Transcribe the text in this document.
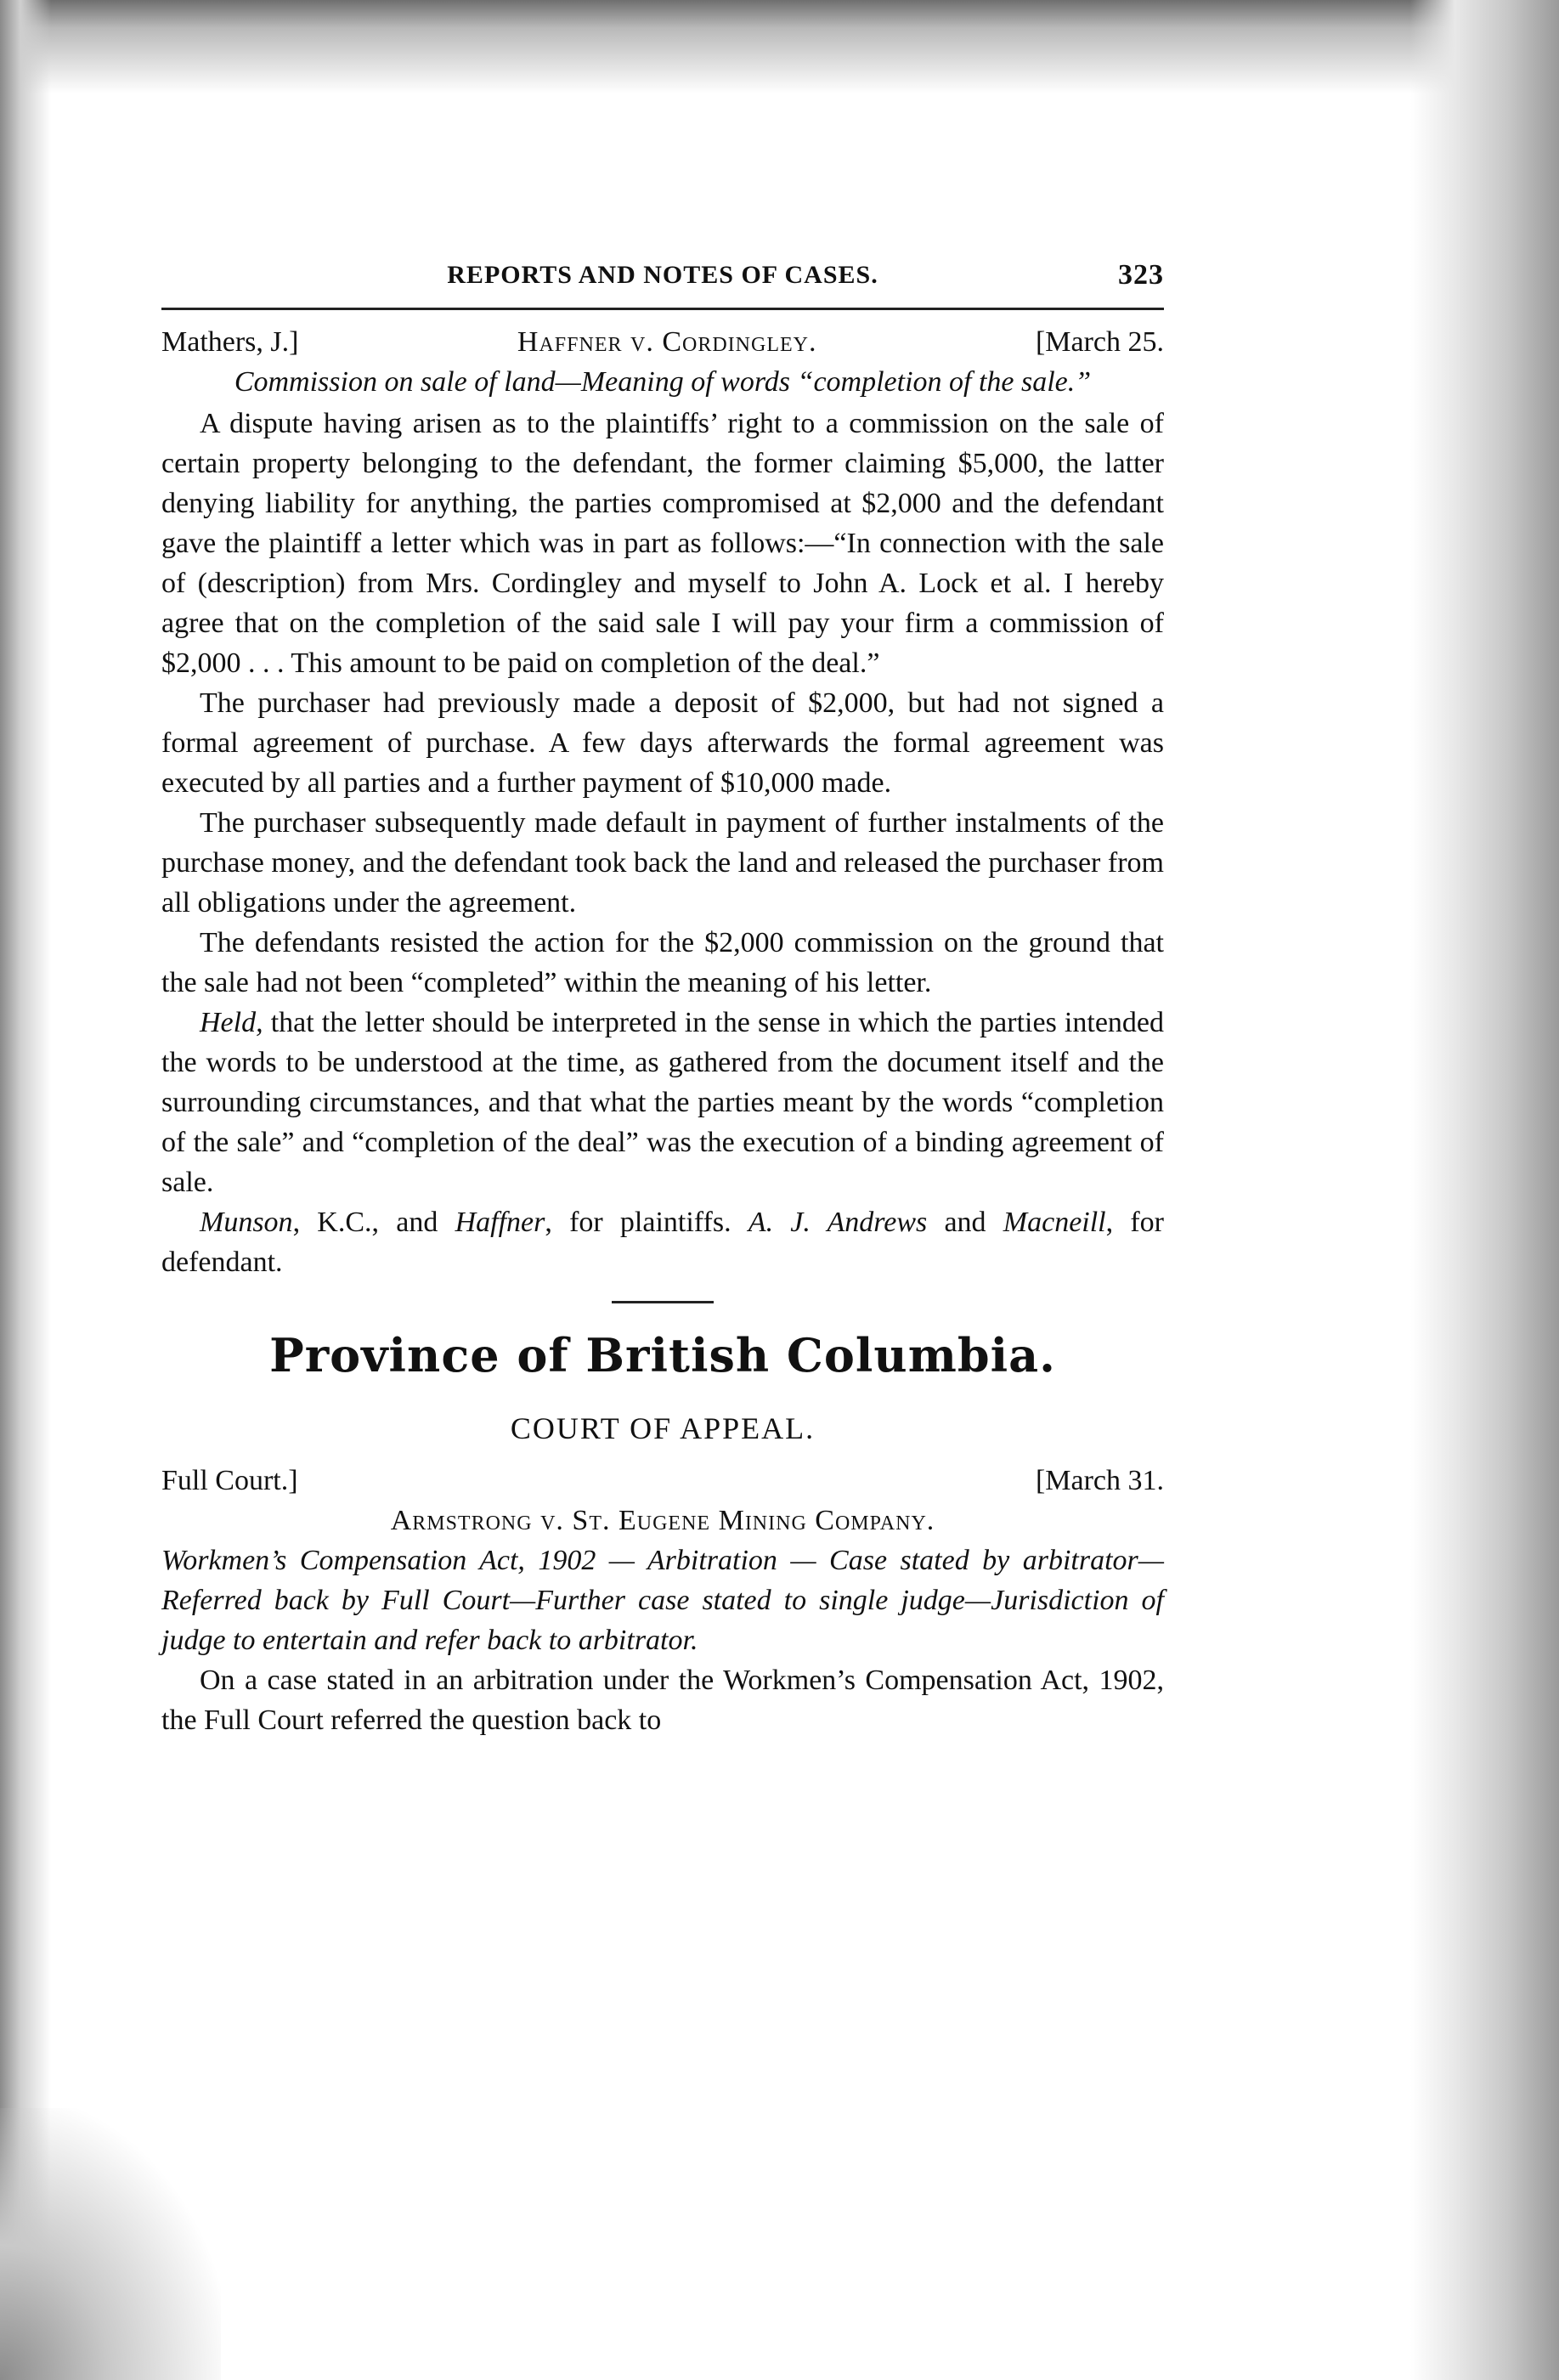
REPORTS AND NOTES OF CASES.	323
Mathers, J.]	Haffner v. Cordingley.	[March 25.
Commission on sale of land—Meaning of words “completion of the sale.”

A dispute having arisen as to the plaintiffs’ right to a commission on the sale of certain property belonging to the defendant, the former claiming $5,000, the latter denying liability for anything, the parties compromised at $2,000 and the defendant gave the plaintiff a letter which was in part as follows:—“In connection with the sale of (description) from Mrs. Cordingley and myself to John A. Lock et al. I hereby agree that on the completion of the said sale I will pay your firm a commission of $2,000 . . . This amount to be paid on completion of the deal.”

The purchaser had previously made a deposit of $2,000, but had not signed a formal agreement of purchase. A few days afterwards the formal agreement was executed by all parties and a further payment of $10,000 made.

The purchaser subsequently made default in payment of further instalments of the purchase money, and the defendant took back the land and released the purchaser from all obligations under the agreement.

The defendants resisted the action for the $2,000 commission on the ground that the sale had not been “completed” within the meaning of his letter.

Held, that the letter should be interpreted in the sense in which the parties intended the words to be understood at the time, as gathered from the document itself and the surrounding circumstances, and that what the parties meant by the words “completion of the sale” and “completion of the deal” was the execution of a binding agreement of sale.

Munson, K.C., and Haffner, for plaintiffs. A. J. Andrews and Macneill, for defendant.

Province of British Columbia.
COURT OF APPEAL.
Full Court.]	[March 31.
Armstrong v. St. Eugene Mining Company.

Workmen’s Compensation Act, 1902 — Arbitration — Case stated by arbitrator—Referred back by Full Court—Further case stated to single judge—Jurisdiction of judge to entertain and refer back to arbitrator.

On a case stated in an arbitration under the Workmen’s Compensation Act, 1902, the Full Court referred the question back to
